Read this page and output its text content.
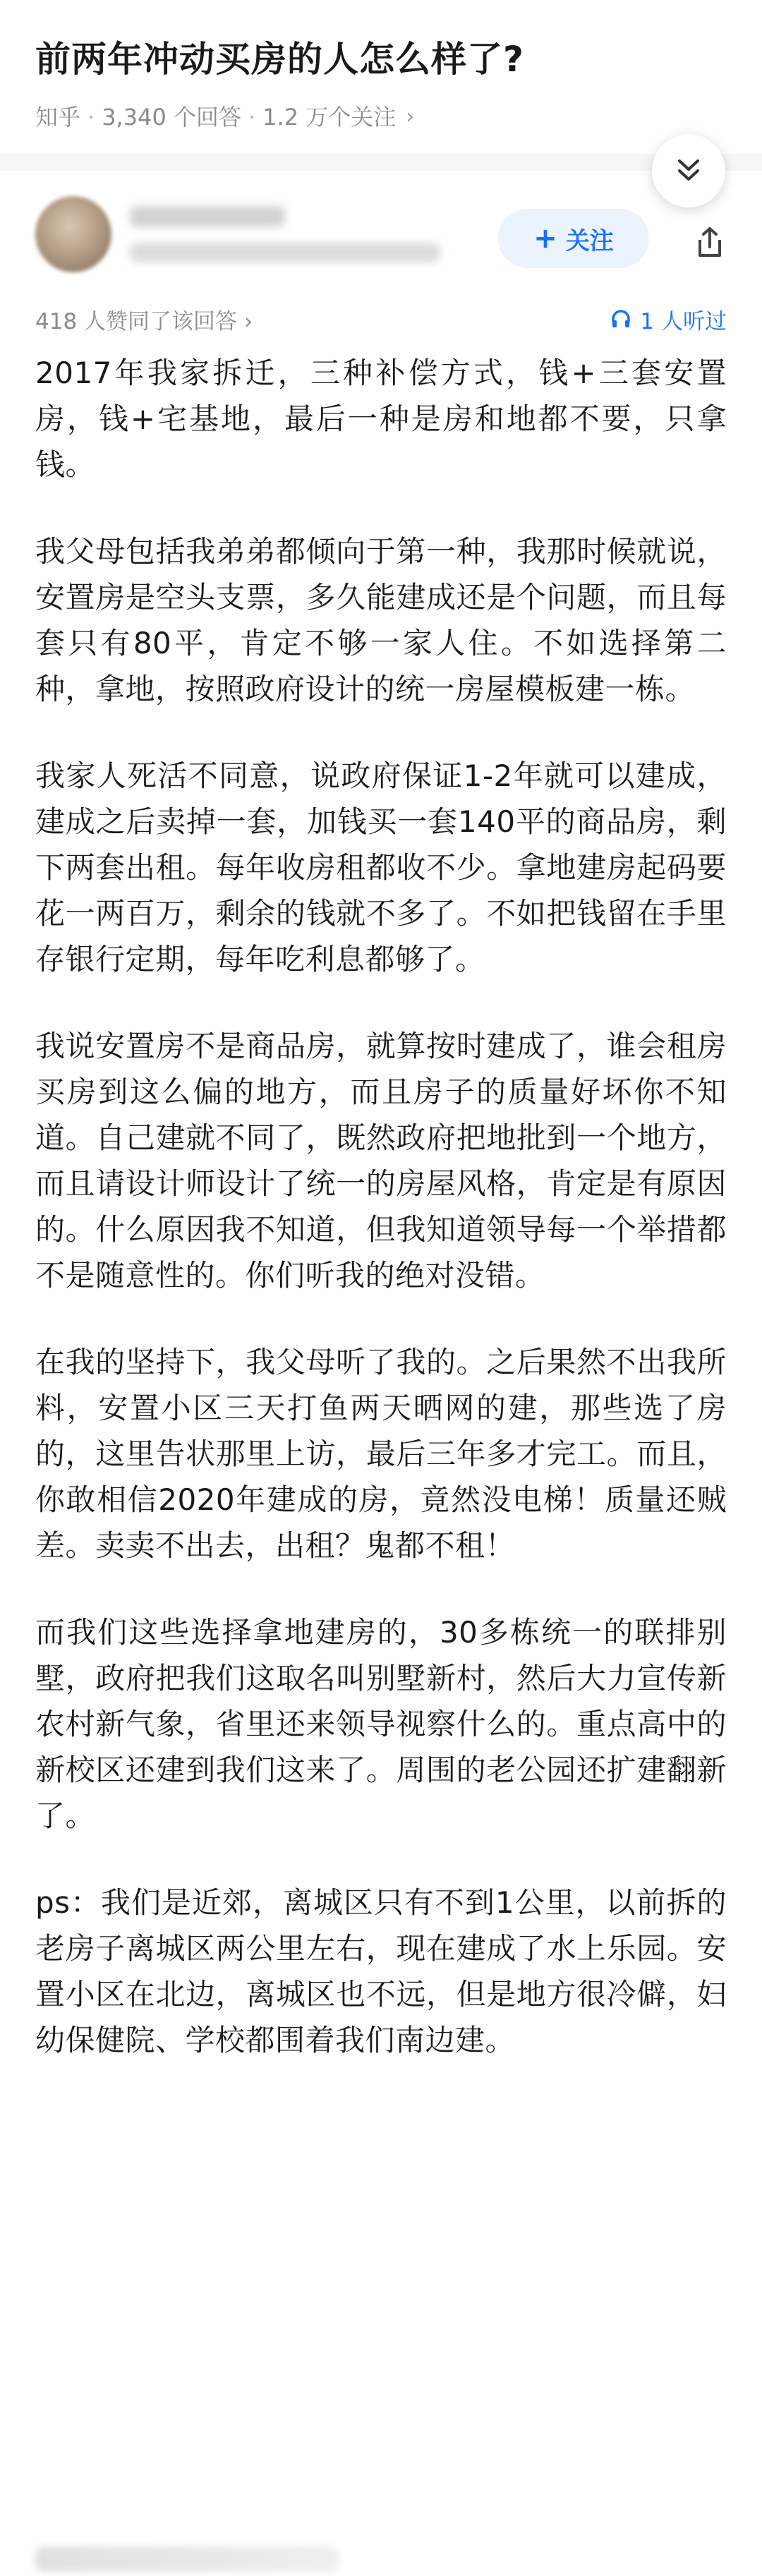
前两年冲动买房的人怎么样了?
知乎 · 3,340 个回答 · 1.2 万个关注 ›
+ 关注
418 人赞同了该回答 ›	1 人听过

2017年我家拆迁，三种补偿方式，钱+三套安置房，钱+宅基地，最后一种是房和地都不要，只拿钱。

我父母包括我弟弟都倾向于第一种，我那时候就说，安置房是空头支票，多久能建成还是个问题，而且每套只有80平，肯定不够一家人住。不如选择第二种，拿地，按照政府设计的统一房屋模板建一栋。

我家人死活不同意，说政府保证1-2年就可以建成，建成之后卖掉一套，加钱买一套140平的商品房，剩下两套出租。每年收房租都收不少。拿地建房起码要花一两百万，剩余的钱就不多了。不如把钱留在手里存银行定期，每年吃利息都够了。

我说安置房不是商品房，就算按时建成了，谁会租房买房到这么偏的地方，而且房子的质量好坏你不知道。自己建就不同了，既然政府把地批到一个地方，而且请设计师设计了统一的房屋风格，肯定是有原因的。什么原因我不知道，但我知道领导每一个举措都不是随意性的。你们听我的绝对没错。

在我的坚持下，我父母听了我的。之后果然不出我所料，安置小区三天打鱼两天晒网的建，那些选了房的，这里告状那里上访，最后三年多才完工。而且，你敢相信2020年建成的房，竟然没电梯！质量还贼差。卖卖不出去，出租？鬼都不租！

而我们这些选择拿地建房的，30多栋统一的联排别墅，政府把我们这取名叫别墅新村，然后大力宣传新农村新气象，省里还来领导视察什么的。重点高中的新校区还建到我们这来了。周围的老公园还扩建翻新了。

ps：我们是近郊，离城区只有不到1公里，以前拆的老房子离城区两公里左右，现在建成了水上乐园。安置小区在北边，离城区也不远，但是地方很冷僻，妇幼保健院、学校都围着我们南边建。
